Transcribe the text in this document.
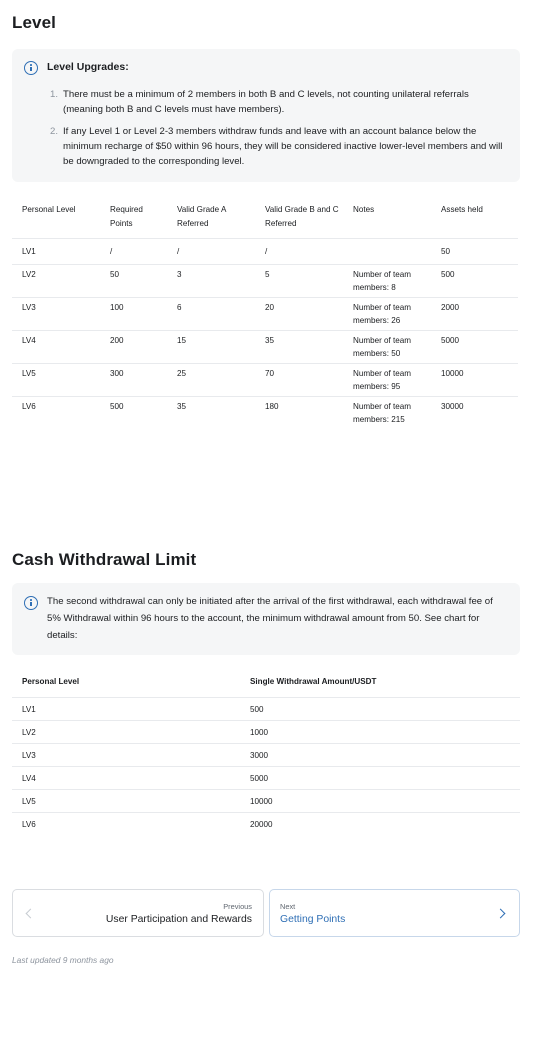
Level
Level Upgrades:
1. There must be a minimum of 2 members in both B and C levels, not counting unilateral referrals (meaning both B and C levels must have members).
2. If any Level 1 or Level 2-3 members withdraw funds and leave with an account balance below the minimum recharge of $50 within 96 hours, they will be considered inactive lower-level members and will be downgraded to the corresponding level.
Personal Level	Required Points	Valid Grade A Referred	Valid Grade B and C Referred	Notes	Assets held
LV1	/	/	/		50
LV2	50	3	5	Number of team members: 8	500
LV3	100	6	20	Number of team members: 26	2000
LV4	200	15	35	Number of team members: 50	5000
LV5	300	25	70	Number of team members: 95	10000
LV6	500	35	180	Number of team members: 215	30000
Cash Withdrawal Limit
The second withdrawal can only be initiated after the arrival of the first withdrawal, each withdrawal fee of 5% Withdrawal within 96 hours to the account, the minimum withdrawal amount from 50. See chart for details:
Personal Level	Single Withdrawal Amount/USDT
LV1	500
LV2	1000
LV3	3000
LV4	5000
LV5	10000
LV6	20000
Previous
User Participation and Rewards
Next
Getting Points
Last updated 9 months ago
